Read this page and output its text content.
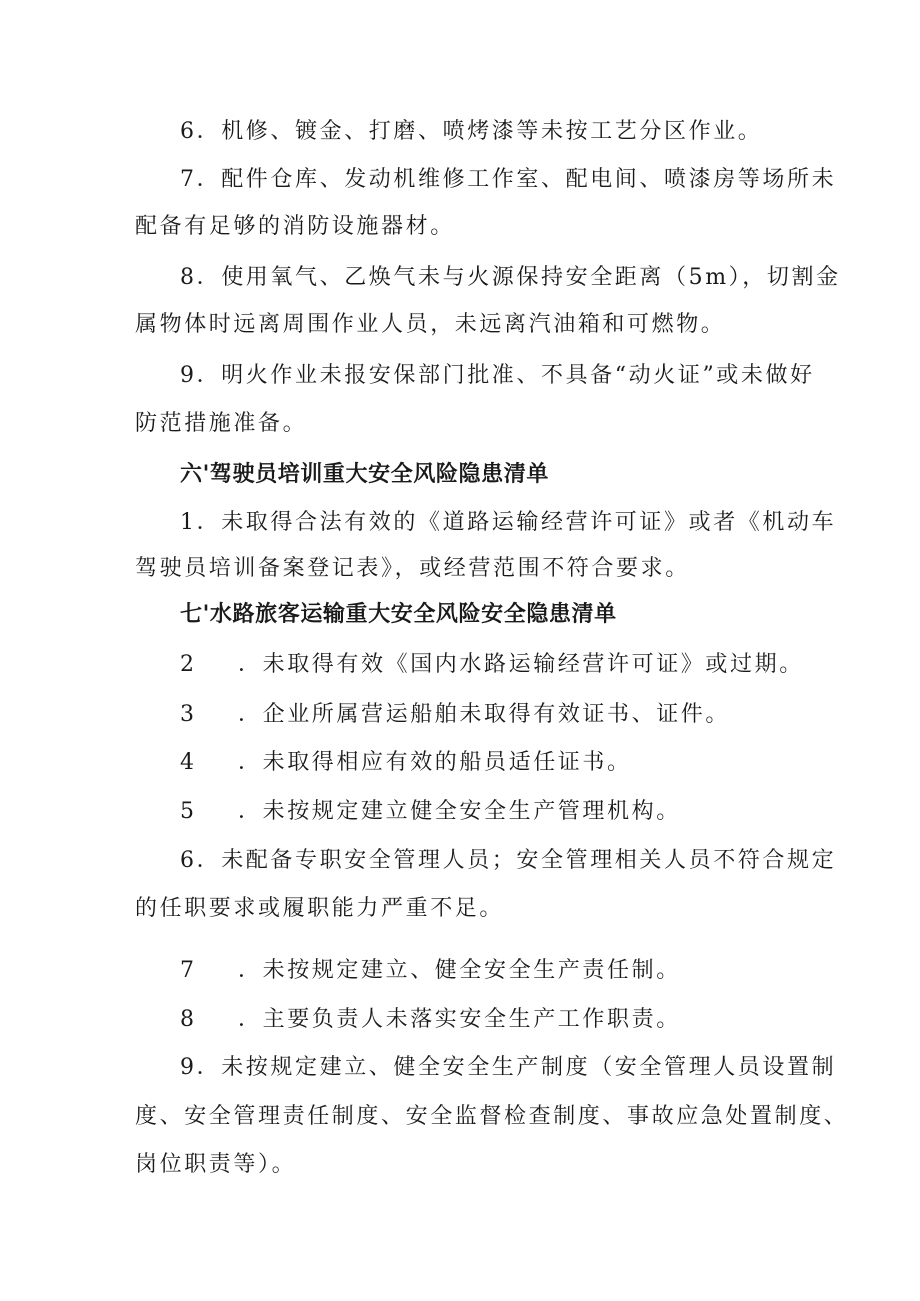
6．机修、镀金、打磨、喷烤漆等未按工艺分区作业。
7．配件仓库、发动机维修工作室、配电间、喷漆房等场所未
配备有足够的消防设施器材。
8．使用氧气、乙焕气未与火源保持安全距离（5m），切割金
属物体时远离周围作业人员，未远离汽油箱和可燃物。
9．明火作业未报安保部门批准、不具备“动火证”或未做好
防范措施准备。
六'驾驶员培训重大安全风险隐患清单
1．未取得合法有效的《道路运输经营许可证》或者《机动车
驾驶员培训备案登记表》，或经营范围不符合要求。
七'水路旅客运输重大安全风险安全隐患清单
2 ．未取得有效《国内水路运输经营许可证》或过期。
3 ．企业所属营运船舶未取得有效证书、证件。
4 ．未取得相应有效的船员适任证书。
5 ．未按规定建立健全安全生产管理机构。
6．未配备专职安全管理人员；安全管理相关人员不符合规定
的任职要求或履职能力严重不足。
7 ．未按规定建立、健全安全生产责任制。
8 ．主要负责人未落实安全生产工作职责。
9．未按规定建立、健全安全生产制度（安全管理人员设置制
度、安全管理责任制度、安全监督检查制度、事故应急处置制度、
岗位职责等）。
